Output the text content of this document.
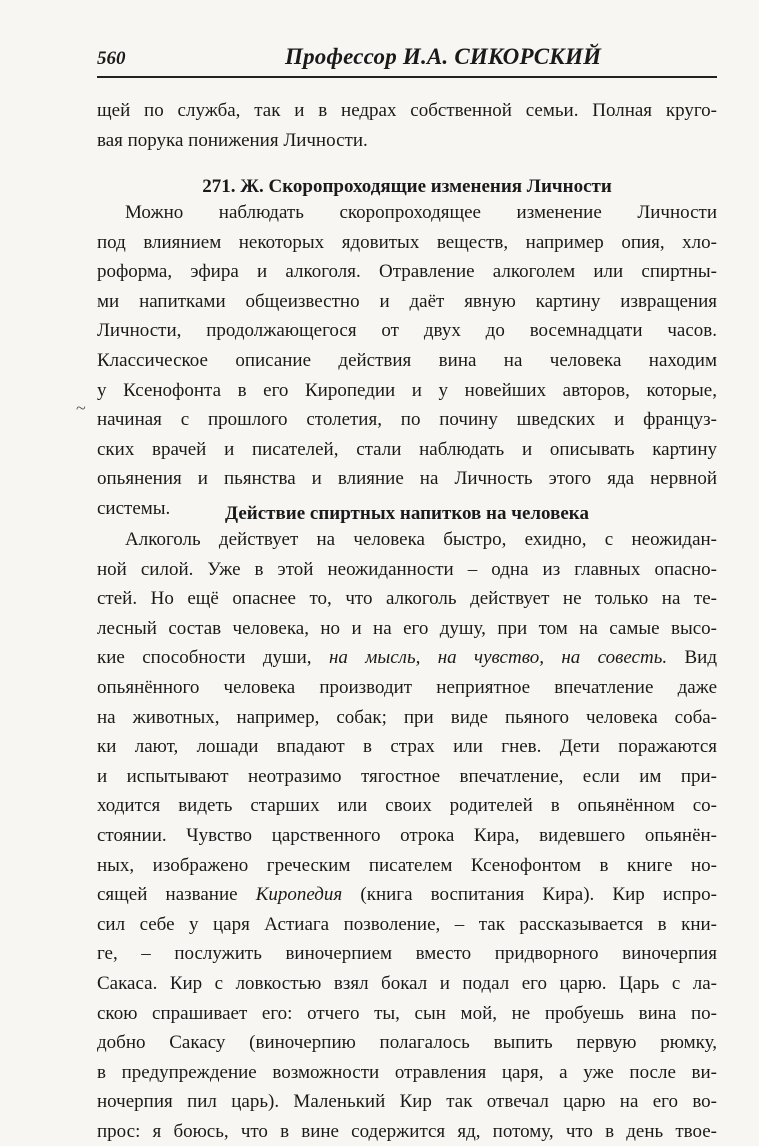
560	Профессор И.А. СИКОРСКИЙ
щей по служба, так и в недрах собственной семьи. Полная круго-
вая порука понижения Личности.
271. Ж. Скоропроходящие изменения Личности
Можно наблюдать скоропроходящее изменение Личности
под влиянием некоторых ядовитых веществ, например опия, хло-
роформа, эфира и алкоголя. Отравление алкоголем или спиртны-
ми напитками общеизвестно и даёт явную картину извращения
Личности, продолжающегося от двух до восемнадцати часов.
Классическое описание действия вина на человека находим
у Ксенофонта в его Киропедии и у новейших авторов, которые,
начиная с прошлого столетия, по почину шведских и француз-
ских врачей и писателей, стали наблюдать и описывать картину
опьянения и пьянства и влияние на Личность этого яда нервной
системы.
~
Действие спиртных напитков на человека
Алкоголь действует на человека быстро, ехидно, с неожидан-
ной силой. Уже в этой неожиданности – одна из главных опасно-
стей. Но ещё опаснее то, что алкоголь действует не только на те-
лесный состав человека, но и на его душу, при том на самые высо-
кие способности души, на мысль, на чувство, на совесть. Вид
опьянённого человека производит неприятное впечатление даже
на животных, например, собак; при виде пьяного человека соба-
ки лают, лошади впадают в страх или гнев. Дети поражаются
и испытывают неотразимо тягостное впечатление, если им при-
ходится видеть старших или своих родителей в опьянённом со-
стоянии. Чувство царственного отрока Кира, видевшего опьянён-
ных, изображено греческим писателем Ксенофонтом в книге но-
сящей название Киропедия (книга воспитания Кира). Кир испро-
сил себе у царя Астиага позволение, – так рассказывается в кни-
ге, – послужить виночерпием вместо придворного виночерпия
Сакаса. Кир с ловкостью взял бокал и подал его царю. Царь с ла-
скою спрашивает его: отчего ты, сын мой, не пробуешь вина по-
добно Сакасу (виночерпию полагалось выпить первую рюмку,
в предупреждение возможности отравления царя, а уже после ви-
ночерпия пил царь). Маленький Кир так отвечал царю на его во-
прос: я боюсь, что в вине содержится яд, потому, что в день твое-
